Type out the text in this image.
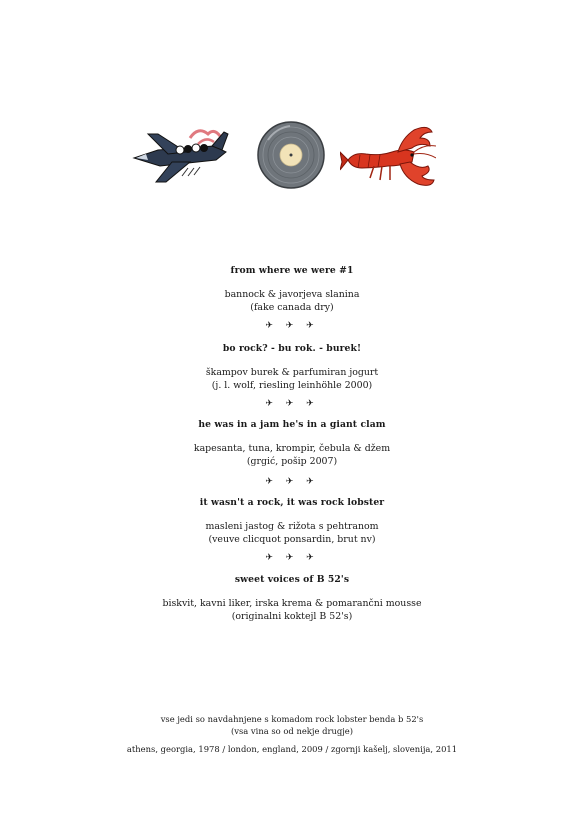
from where we were #1

bannock & javorjeva slanina

(fake canada dry)

✈ ✈ ✈

bo rock? - bu rok. - burek!

škampov burek & parfumiran jogurt

(j. l. wolf, riesling leinhöhle 2000)

✈ ✈ ✈

he was in a jam he's in a giant clam

kapesanta, tuna, krompir, čebula & džem

(grgić, pošip 2007)

✈ ✈ ✈

it wasn't a rock, it was rock lobster

masleni jastog & rižota s pehtranom

(veuve clicquot ponsardin, brut nv)

✈ ✈ ✈

sweet voices of B 52's

biskvit, kavni liker, irska krema & pomarančni mousse

(originalni koktejl B 52's)

vse jedi so navdahnjene s komadom rock lobster benda b 52's
(vsa vina so od nekje drugje)
athens, georgia, 1978 / london, england, 2009 / zgornji kašelj, slovenija, 2011
